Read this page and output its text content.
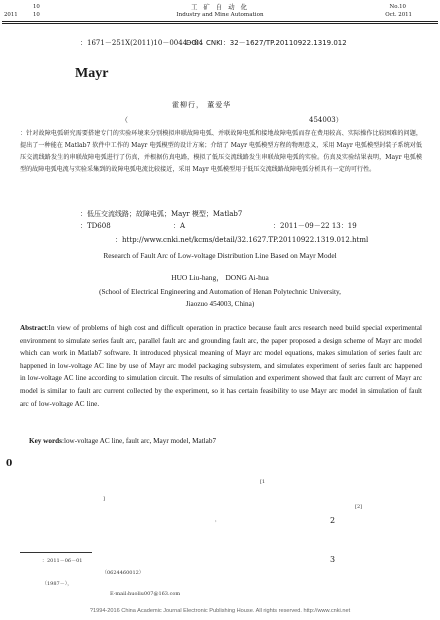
10
2011	10
工 矿 自 动 化
Industry and Mine Automation
No.10
Oct. 2011
：1671－251X(2011)10－0044－04
DOI：CNKI：32－1627/TP.20110922.1319.012
Mayr
霍柳行， 董爱华
（	454003）
：针对故障电弧研究需要搭建专门的实验环境来分别模拟串联故障电弧、并联故障电弧和接地故障电弧而存在费用较高、实际操作比较困难的问题，提出了一种能在 Matlab7 软件中工作的 Mayr 电弧模型的设计方案；介绍了 Mayr 电弧模型方程的物理意义，采用 Mayr 电弧模型封装子系统对低压交流线路发生的串联故障电弧进行了仿真，并根据仿真电路，模拟了低压交流线路发生串联故障电弧的实验。仿真及实验结果表明，Mayr 电弧模型的故障电弧电流与实验采集到的故障电弧电流比较接近，采用 Mayr 电弧模型用于低压交流线路故障电弧分析具有一定的可行性。
：低压交流线路；故障电弧；Mayr 模型；Matlab7
：TD608	：A	：2011－09－22 13：19
：http://www.cnki.net/kcms/detail/32.1627.TP.20110922.1319.012.html
Research of Fault Arc of Low-voltage Distribution Line Based on Mayr Model
HUO Liu-hang， DONG Ai-hua
(School of Electrical Engineering and Automation of Henan Polytechnic University,
Jiaozuo 454003, China)
Abstract:In view of problems of high cost and difficult operation in practice because fault arcs research need build special experimental environment to simulate series fault arc, parallel fault arc and grounding fault arc, the paper proposed a design scheme of Mayr arc model which can work in Matlab7 software. It introduced physical meaning of Mayr arc model equations, makes simulation of series fault arc happened in low-voltage AC line by use of Mayr arc model packaging subsystem, and simulates experiment of series fault arc happened in low-voltage AC line according to simulation circuit. The results of simulation and experiment showed that fault arc current of Mayr arc model is similar to fault arc current collected by the experiment, so it has certain feasibility to use Mayr arc model in simulation of fault arc of low-voltage AC line.
Key words:low-voltage AC line, fault arc, Mayr model, Matlab7
0
[1
]
[2]
，	2
3
：2011－06－01
（0624460012）
（1987－），
E-mail:huoliu007@163.com
?1994-2016 China Academic Journal Electronic Publishing House. All rights reserved. http://www.cnki.net
